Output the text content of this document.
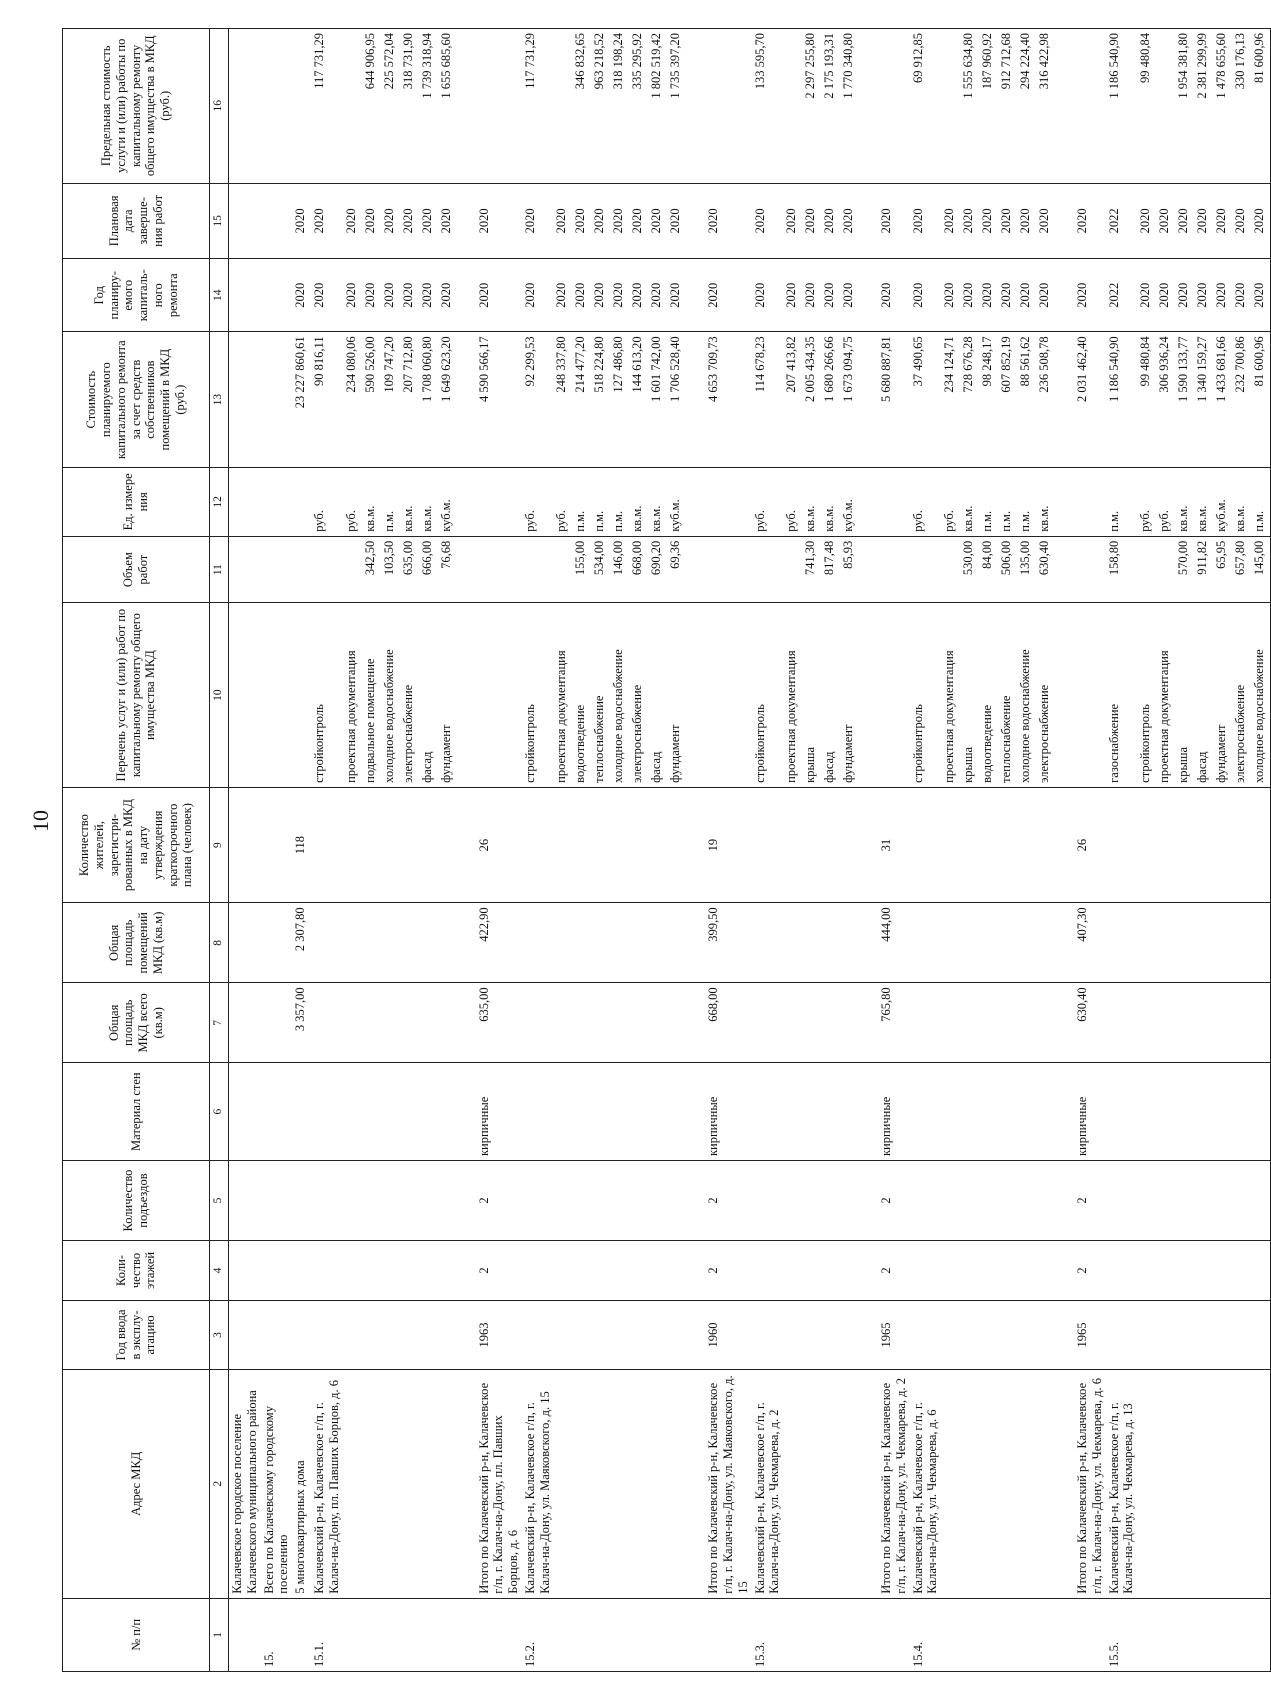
10
№ п/п	Адрес МКД	Год ввода в эксплу-атацию	Коли-чество этажей	Количество подъездов	Материал стен	Общая площадь МКД всего (кв.м)	Общая площадь помещений МКД (кв.м)	Количество жителей, зарегистри-рованных в МКД на дату утверждения краткосрочного плана (человек)	Перечень услуг и (или) работ по капитальному ремонту общего имущества МКД	Объем работ	Ед. измере ния	Стоимость планируемого капитального ремонта за счет средств собственников помещений в МКД (руб.)	Год планиру-емого капиталь-ного ремонта	Плановая дата заверше-ния работ	Предельная стоимость услуги и (или) работы по капитальному ремонту общего имущества в МКД (руб.)
1	2	3	4	5	6	7	8	9	10	11	12	13	14	15	16
	Калачевское городское поселение Калачевского муниципального района														
15.	Всего по Калачевскому городскому поселению														
	5 многоквартирных дома					3 357,00	2 307,80	118				23 227 860,61	2020	2020	
15.1.	Калачевский р-н, Калачевское г/п, г. Калач-на-Дону, пл. Павших Борцов, д. 6								стройконтроль		руб.	90 816,11	2020	2020	117 731,29
									проектная документация		руб.	234 080,06	2020	2020	
									подвальное помещение	342,50	кв.м.	590 526,00	2020	2020	644 906,95
									холодное водоснабжение	103,50	п.м.	109 747,20	2020	2020	225 572,04
									электроснабжение	635,00	кв.м.	207 712,80	2020	2020	318 731,90
									фасад	666,00	кв.м.	1 708 060,80	2020	2020	1 739 318,94
									фундамент	76,68	куб.м.	1 649 623,20	2020	2020	1 655 685,60

	Итого по Калачевский р-н, Калачевское г/п, г. Калач-на-Дону, пл. Павших Борцов, д. 6	1963	2	2	кирпичные	635,00	422,90	26				4 590 566,17	2020	2020	
15.2.	Калачевский р-н, Калачевское г/п, г. Калач-на-Дону, ул. Маяковского, д. 15								стройконтроль		руб.	92 299,53	2020	2020	117 731,29
									проектная документация		руб.	248 337,80	2020	2020	
									водоотведение	155,00	п.м.	214 477,20	2020	2020	346 832,65
									теплоснабжение	534,00	п.м.	518 224,80	2020	2020	963 218,52
									холодное водоснабжение	146,00	п.м.	127 486,80	2020	2020	318 198,24
									электроснабжение	668,00	кв.м.	144 613,20	2020	2020	335 295,92
									фасад	690,20	кв.м.	1 601 742,00	2020	2020	1 802 519,42
									фундамент	69,36	куб.м.	1 706 528,40	2020	2020	1 735 397,20

	Итого по Калачевский р-н, Калачевское г/п, г. Калач-на-Дону, ул. Маяковского, д. 15	1960	2	2	кирпичные	668,00	399,50	19				4 653 709,73	2020	2020	
15.3.	Калачевский р-н, Калачевское г/п, г. Калач-на-Дону, ул. Чекмарева, д. 2								стройконтроль		руб.	114 678,23	2020	2020	133 595,70
									проектная документация		руб.	207 413,82	2020	2020	
									крыша	741,30	кв.м.	2 005 434,35	2020	2020	2 297 255,80
									фасад	817,48	кв.м.	1 680 266,66	2020	2020	2 175 193,31
									фундамент	85,93	куб.м.	1 673 094,75	2020	2020	1 770 340,80

	Итого по Калачевский р-н, Калачевское г/п, г. Калач-на-Дону, ул. Чекмарева, д. 2	1965	2	2	кирпичные	765,80	444,00	31				5 680 887,81	2020	2020	
15.4.	Калачевский р-н, Калачевское г/п, г. Калач-на-Дону, ул. Чекмарева, д. 6								стройконтроль		руб.	37 490,65	2020	2020	69 912,85
									проектная документация		руб.	234 124,71	2020	2020	
									крыша	530,00	кв.м.	728 676,28	2020	2020	1 555 634,80
									водоотведение	84,00	п.м.	98 248,17	2020	2020	187 960,92
									теплоснабжение	506,00	п.м.	607 852,19	2020	2020	912 712,68
									холодное водоснабжение	135,00	п.м.	88 561,62	2020	2020	294 224,40
									электроснабжение	630,40	кв.м.	236 508,78	2020	2020	316 422,98

	Итого по Калачевский р-н, Калачевское г/п, г. Калач-на-Дону, ул. Чекмарева, д. 6	1965	2	2	кирпичные	630,40	407,30	26				2 031 462,40	2020	2020	
15.5.	Калачевский р-н, Калачевское г/п, г. Калач-на-Дону, ул. Чекмарева, д. 13								газоснабжение	158,80	п.м.	1 186 540,90	2022	2022	1 186 540,90
									стройконтроль		руб.	99 480,84	2020	2020	99 480,84
									проектная документация		руб.	306 936,24	2020	2020	
									крыша	570,00	кв.м.	1 590 133,77	2020	2020	1 954 381,80
									фасад	911,82	кв.м.	1 340 159,27	2020	2020	2 381 299,99
									фундамент	65,95	куб.м.	1 433 681,66	2020	2020	1 478 655,60
									электроснабжение	657,80	кв.м.	232 700,86	2020	2020	330 176,13
									холодное водоснабжение	145,00	п.м.	81 600,96	2020	2020	81 600,96
